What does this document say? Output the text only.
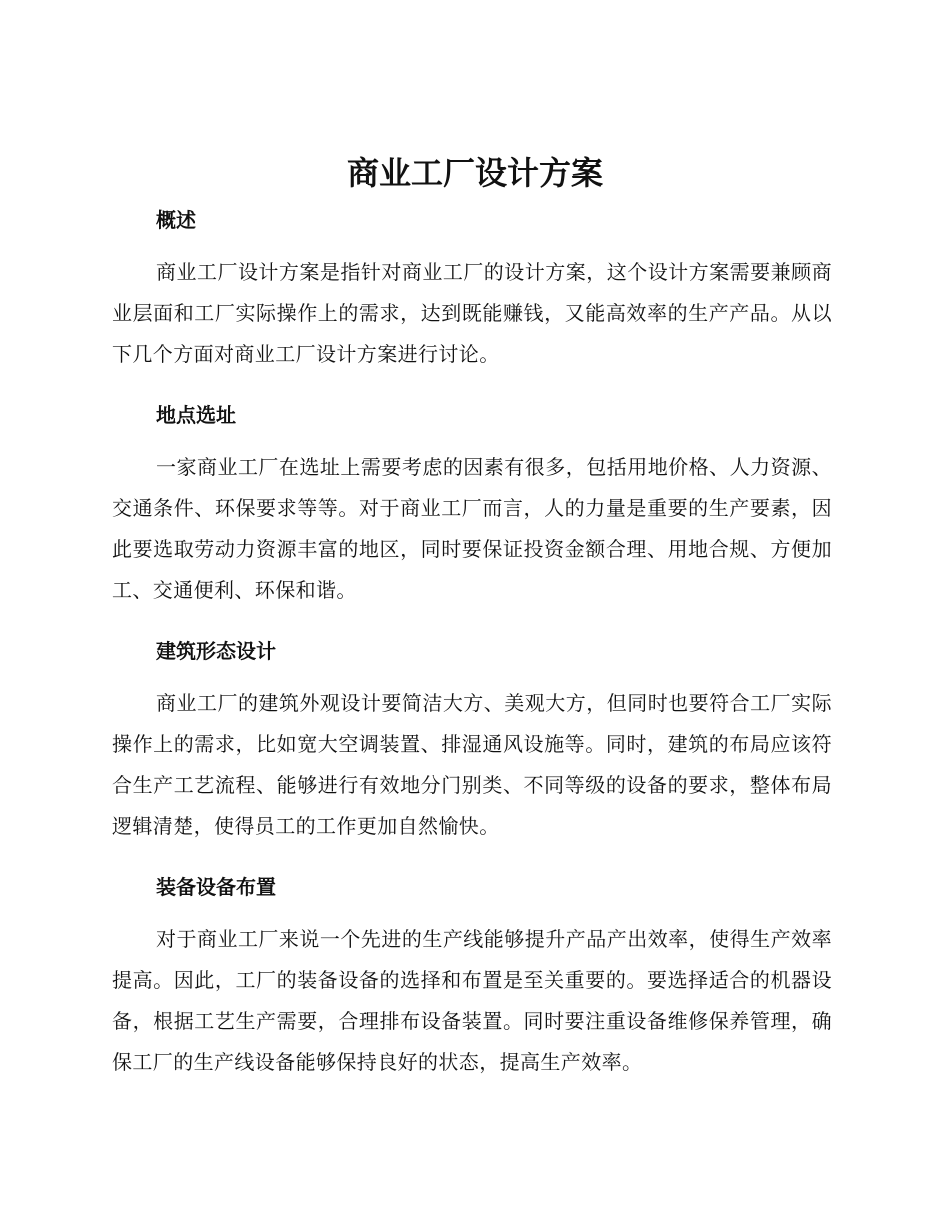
商业工厂设计方案
概述

商业工厂设计方案是指针对商业工厂的设计方案，这个设计方案需要兼顾商业层面和工厂实际操作上的需求，达到既能赚钱，又能高效率的生产产品。从以下几个方面对商业工厂设计方案进行讨论。

地点选址

一家商业工厂在选址上需要考虑的因素有很多，包括用地价格、人力资源、交通条件、环保要求等等。对于商业工厂而言，人的力量是重要的生产要素，因此要选取劳动力资源丰富的地区，同时要保证投资金额合理、用地合规、方便加工、交通便利、环保和谐。

建筑形态设计

商业工厂的建筑外观设计要简洁大方、美观大方，但同时也要符合工厂实际操作上的需求，比如宽大空调装置、排湿通风设施等。同时，建筑的布局应该符合生产工艺流程、能够进行有效地分门别类、不同等级的设备的要求，整体布局逻辑清楚，使得员工的工作更加自然愉快。

装备设备布置

对于商业工厂来说一个先进的生产线能够提升产品产出效率，使得生产效率提高。因此，工厂的装备设备的选择和布置是至关重要的。要选择适合的机器设备，根据工艺生产需要，合理排布设备装置。同时要注重设备维修保养管理，确保工厂的生产线设备能够保持良好的状态，提高生产效率。
